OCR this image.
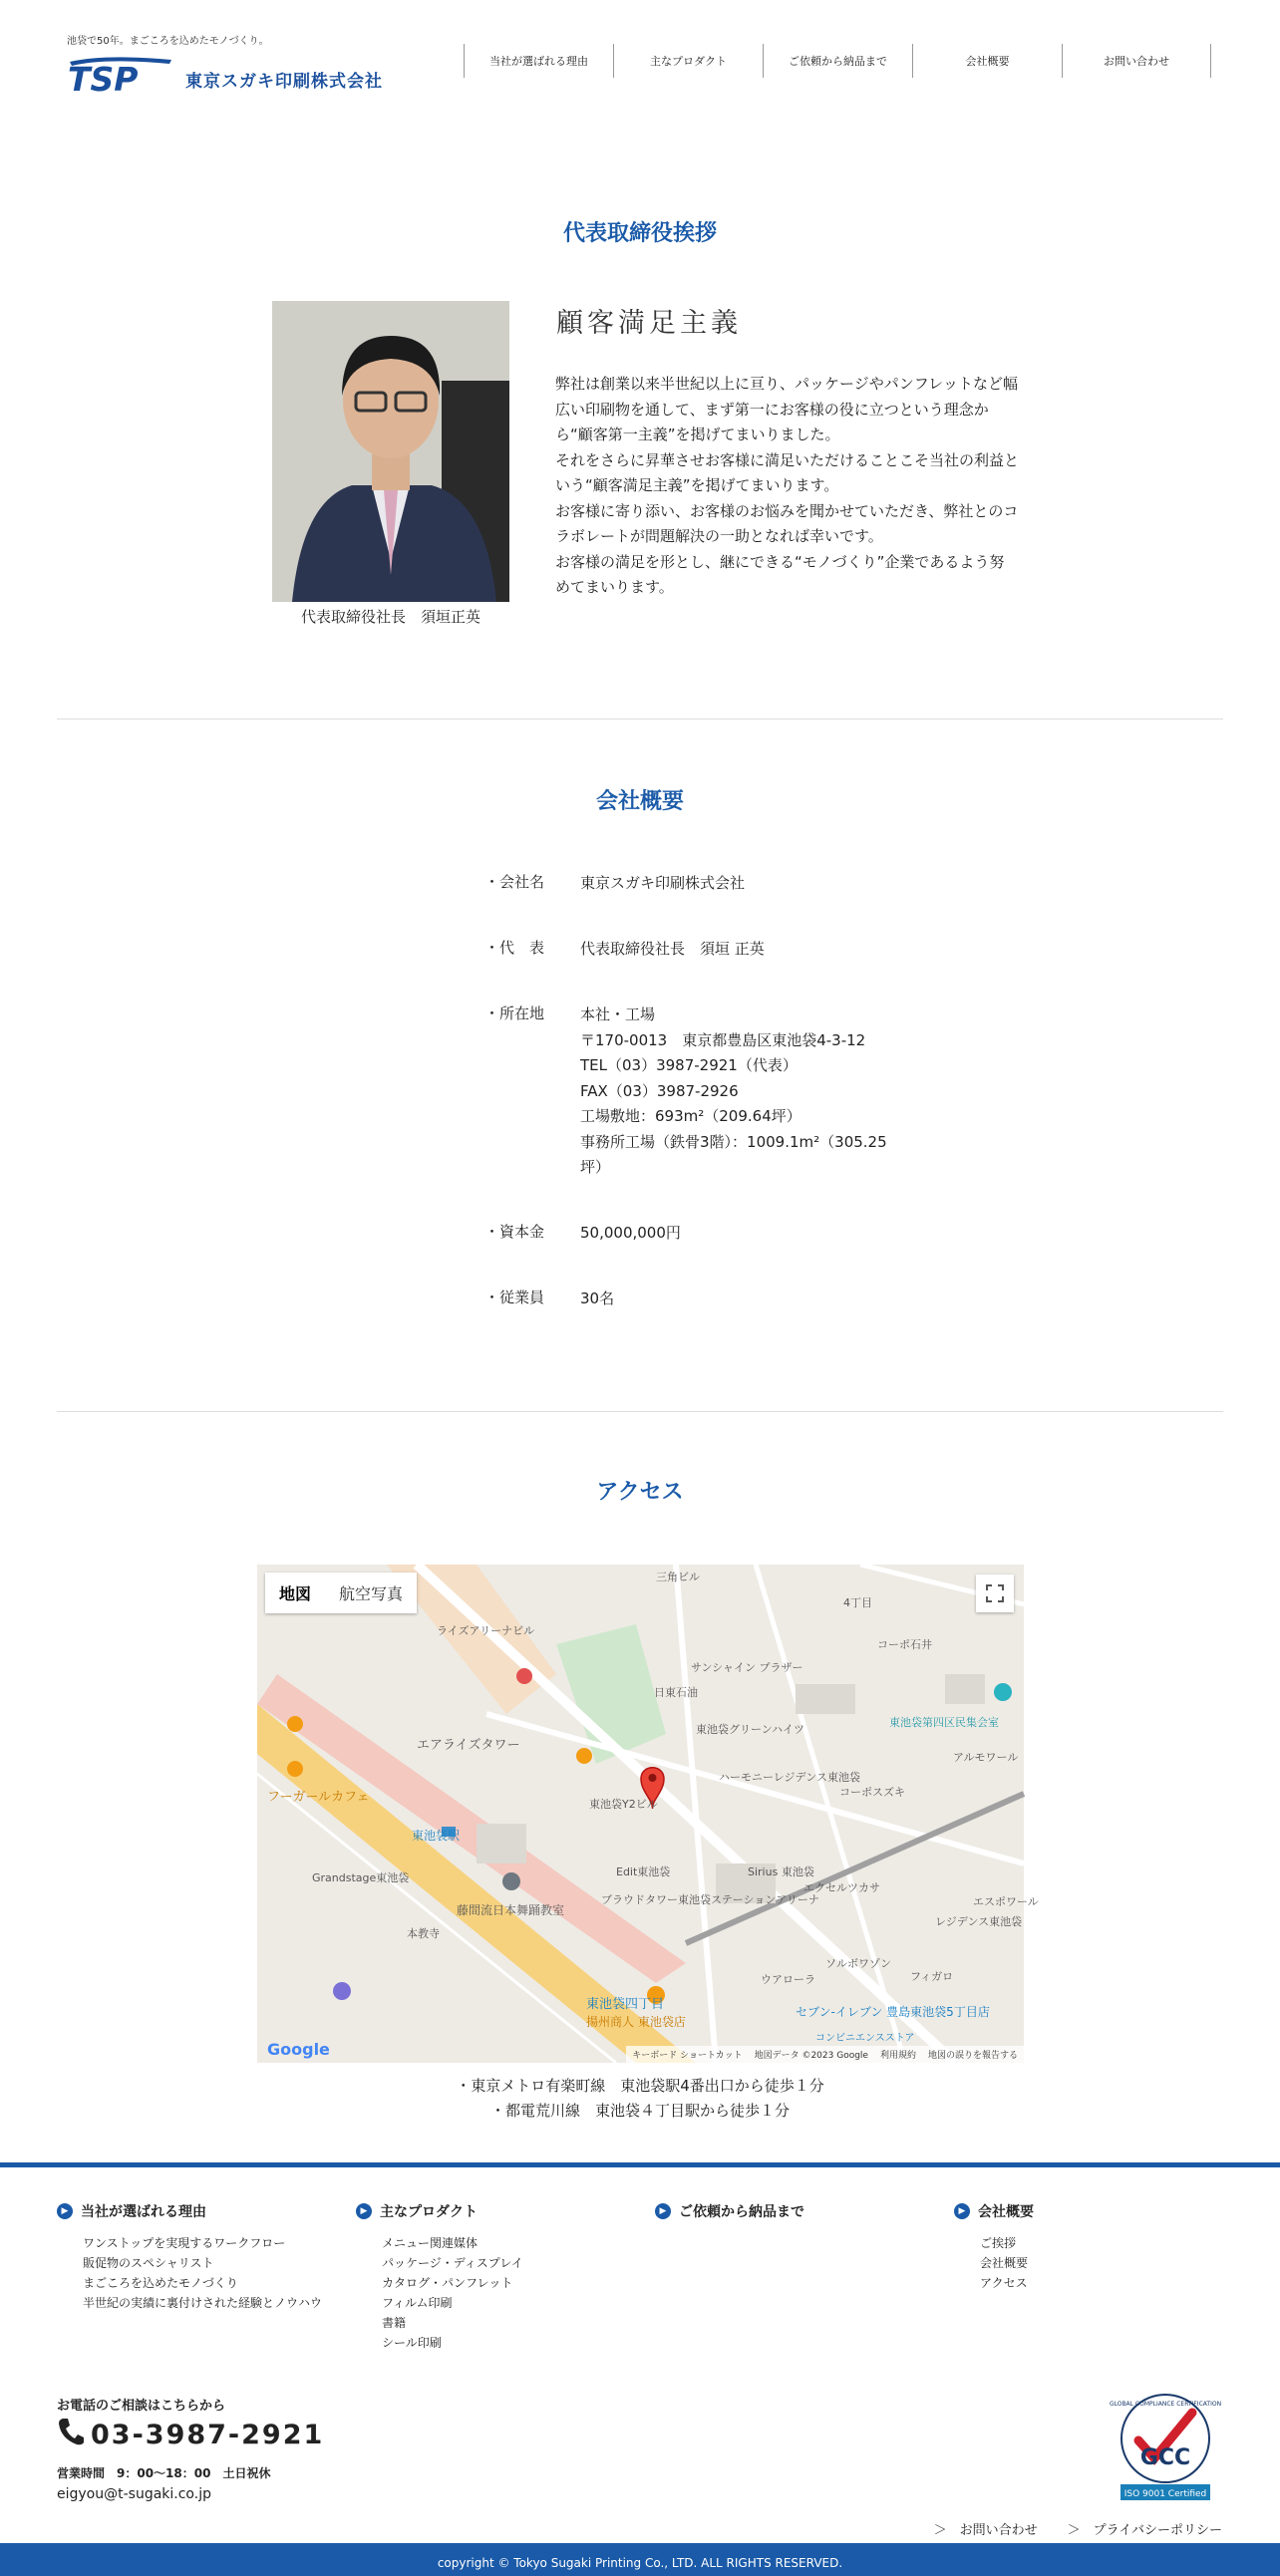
池袋で50年。まごころを込めたモノづくり。
TSP	東京スガキ印刷株式会社
当社が選ばれる理由	主なプロダクト	ご依頼から納品まで	会社概要	お問い合わせ
代表取締役挨拶
代表取締役社長　須垣正英
顧客満足主義

弊社は創業以来半世紀以上に亘り、パッケージやパンフレットなど幅広い印刷物を通して、まず第一にお客様の役に立つという理念から“顧客第一主義”を掲げてまいりました。

それをさらに昇華させお客様に満足いただけることこそ当社の利益という“顧客満足主義”を掲げてまいります。

お客様に寄り添い、お客様のお悩みを聞かせていただき、弊社とのコラボレートが問題解決の一助となれば幸いです。

お客様の満足を形とし、継にできる“モノづくり”企業であるよう努めてまいります。

会社概要
・会社名	東京スガキ印刷株式会社
・代　表	代表取締役社長　須垣 正英
・所在地	本社・工場
〒170-0013　東京都豊島区東池袋4-3-12
TEL（03）3987-2921（代表）
FAX（03）3987-2926
工場敷地：693m²（209.64坪）
事務所工場（鉄骨3階）：1009.1m²（305.25坪）
・資本金	50,000,000円
・従業員	30名
アクセス
三角ビル
4丁目
コーポ石井
サンシャイン プラザー
東池袋第四区民集会室
日東石油
東池袋グリーンハイツ
エアライズタワー
アルモワール
東池袋Y2ビル
ハーモニーレジデンス東池袋
コーポスズキ
東池袋駅
Edit東池袋	Sirius 東池袋
エクセルツカサ
ブラウドタワー東池袋ステーションアリーナ
藤間流日本舞踊教室
本教寺
Grandstage東池袋
ソルボワゾン
フィガロ
ウアローラ
東池袋四丁目	セブン-イレブン 豊島東池袋5丁目店
コンビニエンスストア
揚州商人 東池袋店
ライズアリーナビル
フーガールカフェ
レジデンス東池袋
エスポワール
地図	航空写真
Google	キーボード ショートカット 地図データ ©2023 Google 利用規約 地図の誤りを報告する
・東京メトロ有楽町線　東池袋駅4番出口から徒歩１分
・都電荒川線　東池袋４丁目駅から徒歩１分
▶ 当社が選ばれる理由
ワンストップを実現するワークフロー
販促物のスペシャリスト
まごころを込めたモノづくり
半世紀の実績に裏付けされた経験とノウハウ
▶ 主なプロダクト
メニュー関連媒体
パッケージ・ディスプレイ
カタログ・パンフレット
フィルム印刷
書籍
シール印刷
▶ ご依頼から納品まで	▶ 会社概要
ご挨拶
会社概要
アクセス
お電話のご相談はこちらから
03-3987-2921
営業時間　9：00〜18：00　土日祝休
eigyou@t-sugaki.co.jp
GLOBAL COMPLIANCE CERTIFICATION
GCC
ISO 9001 Certified
＞　お問い合わせ ＞　プライバシーポリシー
copyright © Tokyo Sugaki Printing Co., LTD. ALL RIGHTS RESERVED.
